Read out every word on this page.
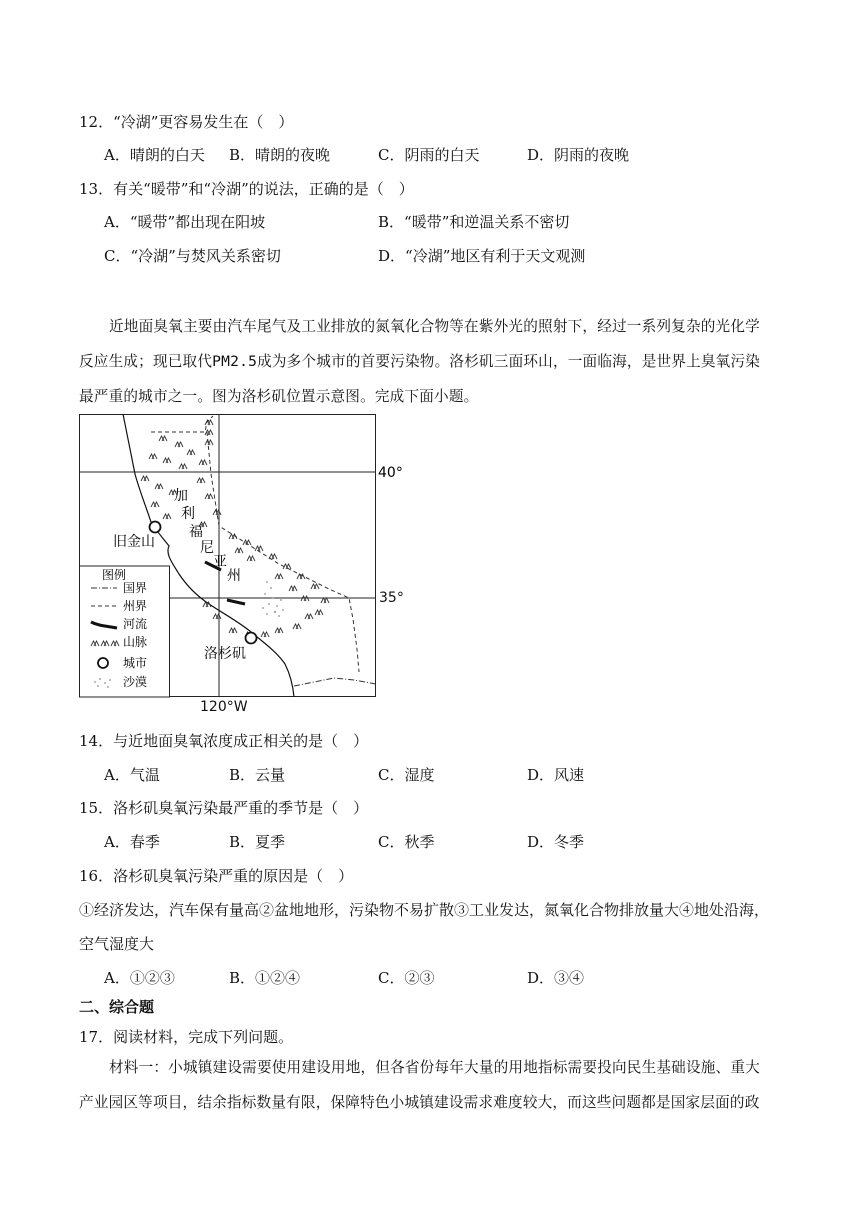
12．“冷湖”更容易发生在（　）
A．晴朗的白天 B．晴朗的夜晚	C．阴雨的白天	D．阴雨的夜晚
13．有关“暖带”和“冷湖”的说法，正确的是（　）
A．“暖带”都出现在阳坡	B．“暖带”和逆温关系不密切
C．“冷湖”与焚风关系密切	D．“冷湖”地区有利于天文观测

近地面臭氧主要由汽车尾气及工业排放的氮氧化合物等在紫外光的照射下，经过一系列复杂的光化学

反应生成；现已取代PM2.5成为多个城市的首要污染物。洛杉矶三面环山，一面临海，是世界上臭氧污染

最严重的城市之一。图为洛杉矶位置示意图。完成下面小题。

40°
图例
国界
州界
河流
山脉
城市
沙漠
旧金山
洛杉矶
加
利
福
尼
亚
州
35°
120°W
14．与近地面臭氧浓度成正相关的是（　）
A．气温	B．云量	C．湿度	D．风速
15．洛杉矶臭氧污染最严重的季节是（　）
A．春季	B．夏季	C．秋季	D．冬季
16．洛杉矶臭氧污染严重的原因是（　）
①经济发达，汽车保有量高②盆地地形，污染物不易扩散③工业发达，氮氧化合物排放量大④地处沿海，
空气湿度大
A．①②③	B．①②④	C．②③	D．③④
二、综合题
17．阅读材料，完成下列问题。

材料一：小城镇建设需要使用建设用地，但各省份每年大量的用地指标需要投向民生基础设施、重大

产业园区等项目，结余指标数量有限，保障特色小城镇建设需求难度较大，而这些问题都是国家层面的政
